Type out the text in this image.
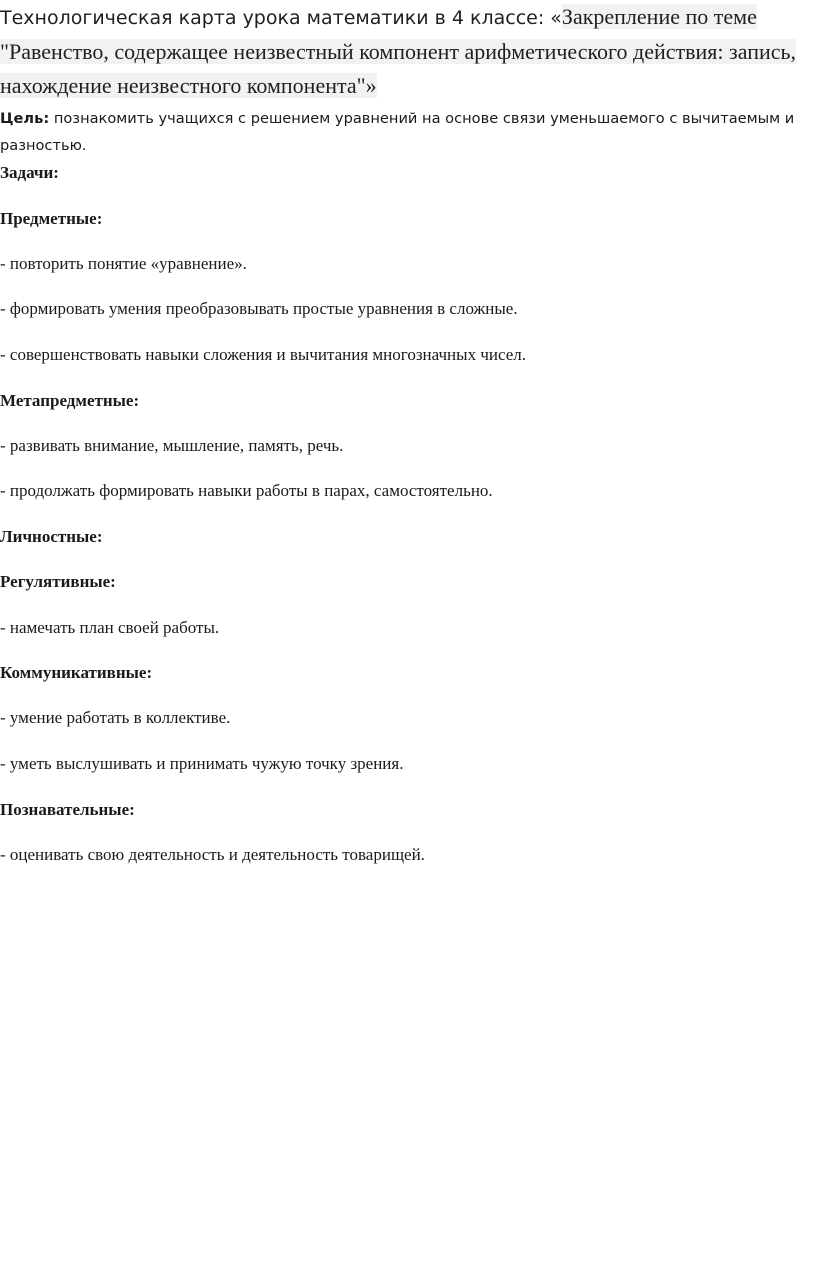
Технологическая карта урока математики в 4 классе: «Закрепление по теме "Равенство, содержащее неизвестный компонент арифметического действия: запись, нахождение неизвестного компонента"»

Цель: познакомить учащихся с решением уравнений на основе связи уменьшаемого с вычитаемым и разностью.

Задачи:

Предметные:

- повторить понятие «уравнение».

- формировать умения преобразовывать простые уравнения в сложные.

- совершенствовать навыки сложения и вычитания многозначных чисел.

Метапредметные:

- развивать внимание, мышление, память, речь.

- продолжать формировать навыки работы в парах, самостоятельно.

Личностные:

Регулятивные:

- намечать план своей работы.

Коммуникативные:

- умение работать в коллективе.

- уметь выслушивать и принимать чужую точку зрения.

Познавательные:

- оценивать свою деятельность и деятельность товарищей.
